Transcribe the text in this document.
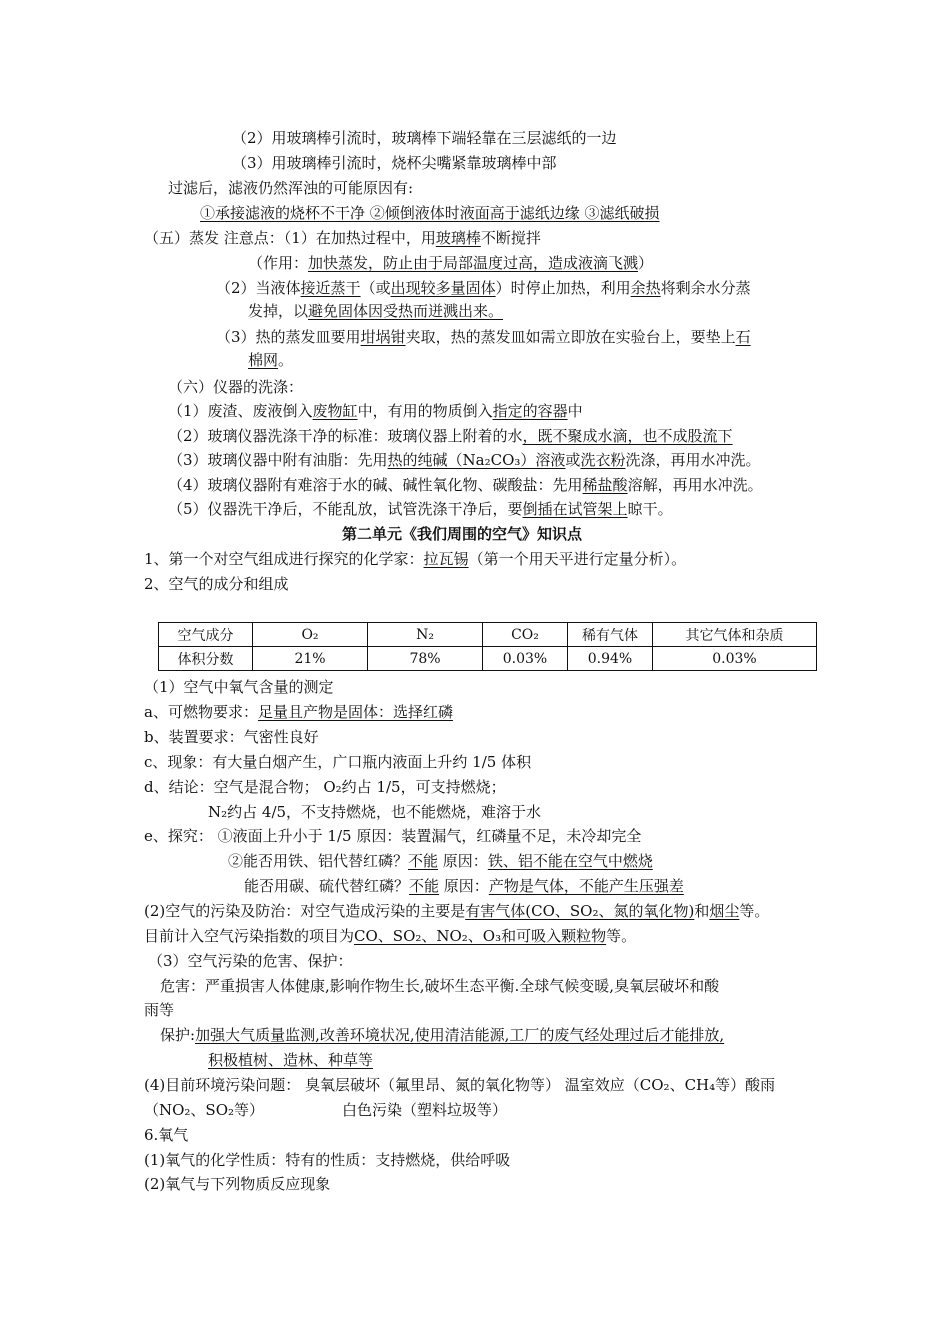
（2）用玻璃棒引流时，玻璃棒下端轻靠在三层滤纸的一边
（3）用玻璃棒引流时，烧杯尖嘴紧靠玻璃棒中部
过滤后，滤液仍然浑浊的可能原因有:
①承接滤液的烧杯不干净 ②倾倒液体时液面高于滤纸边缘 ③滤纸破损
（五）蒸发 注意点：（1）在加热过程中，用玻璃棒不断搅拌
（作用：加快蒸发，防止由于局部温度过高，造成液滴飞溅）
（2）当液体接近蒸干（或出现较多量固体）时停止加热，利用余热将剩余水分蒸
发掉，以避免固体因受热而迸溅出来。
（3）热的蒸发皿要用坩埚钳夹取，热的蒸发皿如需立即放在实验台上，要垫上石
棉网。
（六）仪器的洗涤：
（1）废渣、废液倒入废物缸中，有用的物质倒入指定的容器中
（2）玻璃仪器洗涤干净的标准：玻璃仪器上附着的水，既不聚成水滴，也不成股流下
（3）玻璃仪器中附有油脂：先用热的纯碱（Na₂CO₃）溶液或洗衣粉洗涤，再用水冲洗。
（4）玻璃仪器附有难溶于水的碱、碱性氧化物、碳酸盐：先用稀盐酸溶解，再用水冲洗。
（5）仪器洗干净后，不能乱放，试管洗涤干净后，要倒插在试管架上晾干。
第二单元《我们周围的空气》知识点
1、第一个对空气组成进行探究的化学家：拉瓦锡（第一个用天平进行定量分析）。
2、空气的成分和组成
空气成分	O₂	N₂	CO₂	稀有气体	其它气体和杂质
体积分数	21%	78%	0.03%	0.94%	0.03%
（1）空气中氧气含量的测定
a、可燃物要求：足量且产物是固体：选择红磷
b、装置要求：气密性良好
c、现象：有大量白烟产生，广口瓶内液面上升约 1/5 体积
d、结论：空气是混合物； O₂约占 1/5，可支持燃烧；
N₂约占 4/5，不支持燃烧，也不能燃烧，难溶于水
e、探究： ①液面上升小于 1/5 原因：装置漏气，红磷量不足，未冷却完全
②能否用铁、铝代替红磷？不能 原因：铁、铝不能在空气中燃烧
能否用碳、硫代替红磷？不能 原因：产物是气体，不能产生压强差
(2)空气的污染及防治：对空气造成污染的主要是有害气体(CO、SO₂、氮的氧化物)和烟尘等。
目前计入空气污染指数的项目为CO、SO₂、NO₂、O₃和可吸入颗粒物等。
（3）空气污染的危害、保护：
危害：严重损害人体健康,影响作物生长,破坏生态平衡.全球气候变暖,臭氧层破坏和酸
雨等
保护:加强大气质量监测,改善环境状况,使用清洁能源,工厂的废气经处理过后才能排放,
积极植树、造林、种草等
(4)目前环境污染问题： 臭氧层破坏（氟里昂、氮的氧化物等） 温室效应（CO₂、CH₄等）酸雨
（NO₂、SO₂等）	白色污染（塑料垃圾等）
6.氧气
(1)氧气的化学性质：特有的性质：支持燃烧，供给呼吸
(2)氧气与下列物质反应现象
